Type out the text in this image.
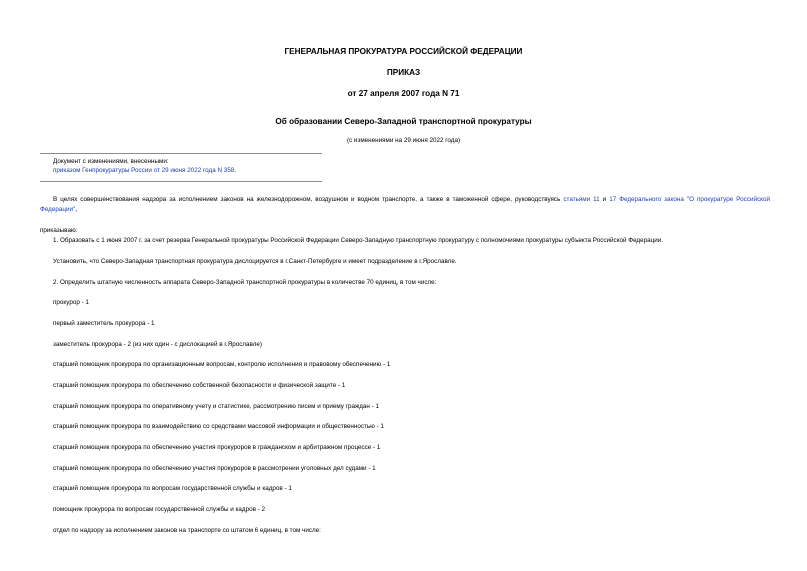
ГЕНЕРАЛЬНАЯ ПРОКУРАТУРА РОССИЙСКОЙ ФЕДЕРАЦИИ
ПРИКАЗ
от 27 апреля 2007 года N 71
Об образовании Северо-Западной транспортной прокуратуры
(с изменениями на 29 июня 2022 года)
Документ с изменениями, внесенными:
приказом Генпрокуратуры России от 29 июня 2022 года N 358.
В целях совершенствования надзора за исполнением законов на железнодорожном, воздушном и водном транспорте, а также в таможенной сфере, руководствуясь статьями 11 и 17 Федерального закона "О прокуратуре Российской Федерации",
приказываю:
1. Образовать с 1 июня 2007 г. за счет резерва Генеральной прокуратуры Российской Федерации Северо-Западную транспортную прокуратуру с полномочиями прокуратуры субъекта Российской Федерации.
Установить, что Северо-Западная транспортная прокуратура дислоцируется в г.Санкт-Петербурге и имеет подразделение в г.Ярославле.
2. Определить штатную численность аппарата Северо-Западной транспортной прокуратуры в количестве 70 единиц, в том числе:
прокурор - 1
первый заместитель прокурора - 1
заместитель прокурора - 2 (из них один - с дислокацией в г.Ярославле)
старший помощник прокурора по организационным вопросам, контролю исполнения и правовому обеспечению - 1
старший помощник прокурора по обеспечению собственной безопасности и физической защите - 1
старший помощник прокурора по оперативному учету и статистике, рассмотрению писем и приему граждан - 1
старший помощник прокурора по взаимодействию со средствами массовой информации и общественностью - 1
старший помощник прокурора по обеспечению участия прокуроров в гражданском и арбитражном процессе - 1
старший помощник прокурора по обеспечению участия прокуроров в рассмотрении уголовных дел судами - 1
старший помощник прокурора по вопросам государственной службы и кадров - 1
помощник прокурора по вопросам государственной службы и кадров - 2
отдел по надзору за исполнением законов на транспорте со штатом 6 единиц, в том числе:
